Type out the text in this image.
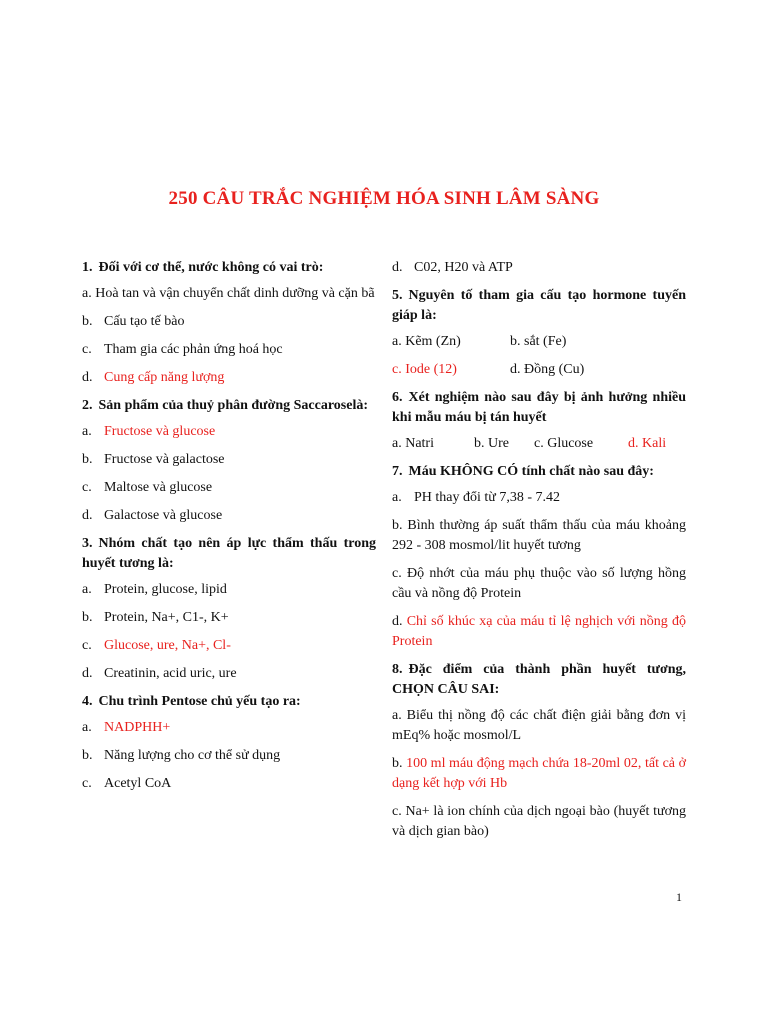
250 CÂU TRẮC NGHIỆM HÓA SINH LÂM SÀNG
1. Đối với cơ thể, nước không có vai trò:
a. Hoà tan và vận chuyển chất dinh dưỡng và cặn bã
b. Cấu tạo tế bào
c. Tham gia các phản ứng hoá học
d. Cung cấp năng lượng
2. Sản phẩm của thuỷ phân đường Saccaroselà:
a. Fructose và glucose
b. Fructose và galactose
c. Maltose và glucose
d. Galactose và glucose
3. Nhóm chất tạo nên áp lực thẩm thấu trong huyết tương là:
a. Protein, glucose, lipid
b. Protein, Na+, C1-, K+
c. Glucose, ure, Na+, Cl-
d. Creatinin, acid uric, ure
4. Chu trình Pentose chủ yếu tạo ra:
a. NADPHH+
b. Năng lượng cho cơ thể sử dụng
c. Acetyl CoA
d. C02, H20 và ATP
5. Nguyên tố tham gia cấu tạo hormone tuyến giáp là:
a. Kẽm (Zn)	b. sắt (Fe)
c. Iode (12)	d. Đồng (Cu)
6. Xét nghiệm nào sau đây bị ảnh hưởng nhiều khi mẫu máu bị tán huyết
a. Natri	b. Ure	c. Glucose	d. Kali
7. Máu KHÔNG CÓ tính chất nào sau đây:
a. PH thay đổi từ 7,38 - 7.42
b. Bình thường áp suất thẩm thấu của máu khoảng 292 - 308 mosmol/lit huyết tương
c. Độ nhớt của máu phụ thuộc vào số lượng hồng cầu và nồng độ Protein
d. Chỉ số khúc xạ của máu tỉ lệ nghịch với nồng độ Protein
8. Đặc điểm của thành phần huyết tương, CHỌN CÂU SAI:
a. Biểu thị nồng độ các chất điện giải bằng đơn vị mEq% hoặc mosmol/L
b. 100 ml máu động mạch chứa 18-20ml 02, tất cả ở dạng kết hợp với Hb
c. Na+ là ion chính của dịch ngoại bào (huyết tương và dịch gian bào)
1
